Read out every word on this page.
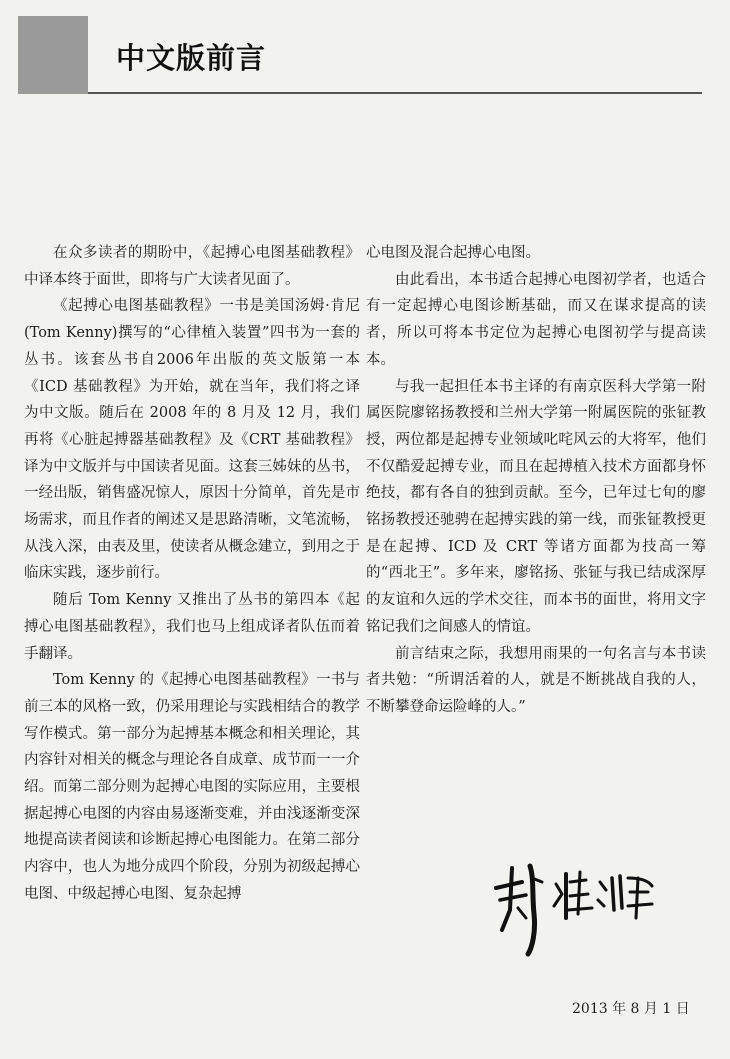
中文版前言

在众多读者的期盼中，《起搏心电图基础教程》中译本终于面世，即将与广大读者见面了。

《起搏心电图基础教程》一书是美国汤姆·肯尼(Tom Kenny)撰写的“心律植入装置”四书为一套的丛书。该套丛书自2006年出版的英文版第一本《ICD 基础教程》为开始，就在当年，我们将之译为中文版。随后在 2008 年的 8 月及 12 月，我们再将《心脏起搏器基础教程》及《CRT 基础教程》译为中文版并与中国读者见面。这套三姊妹的丛书，一经出版，销售盛况惊人，原因十分简单，首先是市场需求，而且作者的阐述又是思路清晰，文笔流畅，从浅入深，由表及里，使读者从概念建立，到用之于临床实践，逐步前行。

随后 Tom Kenny 又推出了丛书的第四本《起搏心电图基础教程》，我们也马上组成译者队伍而着手翻译。

Tom Kenny 的《起搏心电图基础教程》一书与前三本的风格一致，仍采用理论与实践相结合的教学写作模式。第一部分为起搏基本概念和相关理论，其内容针对相关的概念与理论各自成章、成节而一一介绍。而第二部分则为起搏心电图的实际应用，主要根据起搏心电图的内容由易逐渐变难，并由浅逐渐变深地提高读者阅读和诊断起搏心电图能力。在第二部分内容中，也人为地分成四个阶段，分别为初级起搏心电图、中级起搏心电图、复杂起搏

心电图及混合起搏心电图。

由此看出，本书适合起搏心电图初学者，也适合有一定起搏心电图诊断基础，而又在谋求提高的读者，所以可将本书定位为起搏心电图初学与提高读本。

与我一起担任本书主译的有南京医科大学第一附属医院廖铭扬教授和兰州大学第一附属医院的张钲教授，两位都是起搏专业领域叱咤风云的大将军，他们不仅酷爱起搏专业，而且在起搏植入技术方面都身怀绝技，都有各自的独到贡献。至今，已年过七旬的廖铭扬教授还驰骋在起搏实践的第一线，而张钲教授更是在起搏、ICD 及 CRT 等诸方面都为技高一筹的“西北王”。多年来，廖铭扬、张钲与我已结成深厚的友谊和久远的学术交往，而本书的面世，将用文字铭记我们之间感人的情谊。

前言结束之际，我想用雨果的一句名言与本书读者共勉：“所谓活着的人，就是不断挑战自我的人，不断攀登命运险峰的人。”

2013 年 8 月 1 日
